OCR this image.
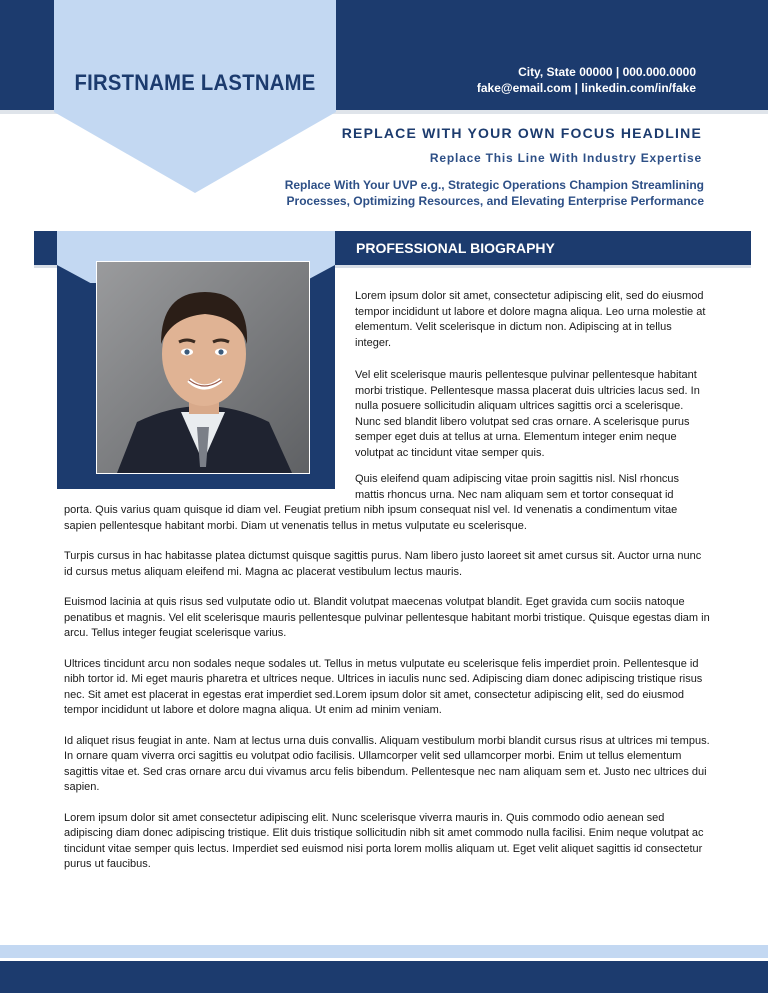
FIRSTNAME LASTNAME	City, State 00000 | 000.000.0000
fake@email.com | linkedin.com/in/fake
REPLACE WITH YOUR OWN FOCUS HEADLINE
Replace This Line With Industry Expertise
Replace With Your UVP e.g., Strategic Operations Champion Streamlining
Processes, Optimizing Resources, and Elevating Enterprise Performance
PROFESSIONAL BIOGRAPHY

Lorem ipsum dolor sit amet, consectetur adipiscing elit, sed do eiusmod tempor incididunt ut labore et dolore magna aliqua. Leo urna molestie at elementum. Velit scelerisque in dictum non. Adipiscing at in tellus integer.

Vel elit scelerisque mauris pellentesque pulvinar pellentesque habitant morbi tristique. Pellentesque massa placerat duis ultricies lacus sed. In nulla posuere sollicitudin aliquam ultrices sagittis orci a scelerisque. Nunc sed blandit libero volutpat sed cras ornare. A scelerisque purus semper eget duis at tellus at urna. Elementum integer enim neque volutpat ac tincidunt vitae semper quis.

Quis eleifend quam adipiscing vitae proin sagittis nisl. Nisl rhoncus mattis rhoncus urna. Nec nam aliquam sem et tortor consequat id

porta. Quis varius quam quisque id diam vel. Feugiat pretium nibh ipsum consequat nisl vel. Id venenatis a condimentum vitae sapien pellentesque habitant morbi. Diam ut venenatis tellus in metus vulputate eu scelerisque.

Turpis cursus in hac habitasse platea dictumst quisque sagittis purus. Nam libero justo laoreet sit amet cursus sit. Auctor urna nunc id cursus metus aliquam eleifend mi. Magna ac placerat vestibulum lectus mauris.

Euismod lacinia at quis risus sed vulputate odio ut. Blandit volutpat maecenas volutpat blandit. Eget gravida cum sociis natoque penatibus et magnis. Vel elit scelerisque mauris pellentesque pulvinar pellentesque habitant morbi tristique. Quisque egestas diam in arcu. Tellus integer feugiat scelerisque varius.

Ultrices tincidunt arcu non sodales neque sodales ut. Tellus in metus vulputate eu scelerisque felis imperdiet proin. Pellentesque id nibh tortor id. Mi eget mauris pharetra et ultrices neque. Ultrices in iaculis nunc sed. Adipiscing diam donec adipiscing tristique risus nec. Sit amet est placerat in egestas erat imperdiet sed.Lorem ipsum dolor sit amet, consectetur adipiscing elit, sed do eiusmod tempor incididunt ut labore et dolore magna aliqua. Ut enim ad minim veniam.

Id aliquet risus feugiat in ante. Nam at lectus urna duis convallis. Aliquam vestibulum morbi blandit cursus risus at ultrices mi tempus. In ornare quam viverra orci sagittis eu volutpat odio facilisis. Ullamcorper velit sed ullamcorper morbi. Enim ut tellus elementum sagittis vitae et. Sed cras ornare arcu dui vivamus arcu felis bibendum. Pellentesque nec nam aliquam sem et. Justo nec ultrices dui sapien.

Lorem ipsum dolor sit amet consectetur adipiscing elit. Nunc scelerisque viverra mauris in. Quis commodo odio aenean sed adipiscing diam donec adipiscing tristique. Elit duis tristique sollicitudin nibh sit amet commodo nulla facilisi. Enim neque volutpat ac tincidunt vitae semper quis lectus. Imperdiet sed euismod nisi porta lorem mollis aliquam ut. Eget velit aliquet sagittis id consectetur purus ut faucibus.
